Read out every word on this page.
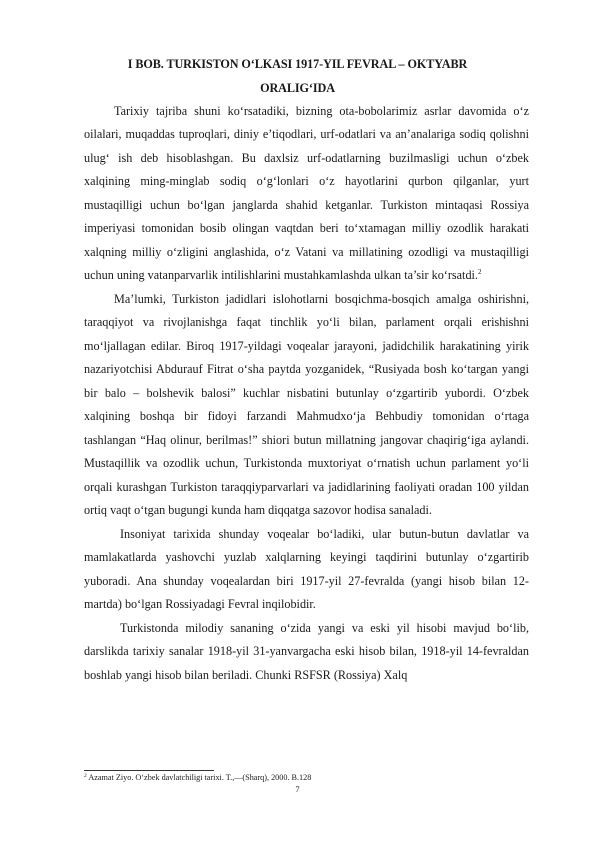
I BOB. TURKISTON O‘LKASI 1917-YIL FEVRAL – OKTYABR
ORALIG‘IDA

Tarixiy tajriba shuni ko‘rsatadiki, bizning ota-bobolarimiz asrlar davomida o‘z oilalari, muqaddas tuproqlari, diniy e’tiqodlari, urf-odatlari va an’analariga sodiq qolishni ulug‘ ish deb hisoblashgan. Bu daxlsiz urf-odatlarning buzilmasligi uchun o‘zbek xalqining ming-minglab sodiq o‘g‘lonlari o‘z hayotlarini qurbon qilganlar, yurt mustaqilligi uchun bo‘lgan janglarda shahid ketganlar. Turkiston mintaqasi Rossiya imperiyasi tomonidan bosib olingan vaqtdan beri to‘xtamagan milliy ozodlik harakati xalqning milliy o‘zligini anglashida, o‘z Vatani va millatining ozodligi va mustaqilligi uchun uning vatanparvarlik intilishlarini mustahkamlashda ulkan ta’sir ko‘rsatdi.$^2$

Ma’lumki, Turkiston jadidlari islohotlarni bosqichma-bosqich amalga oshirishni, taraqqiyot va rivojlanishga faqat tinchlik yo‘li bilan, parlament orqali erishishni mo‘ljallagan edilar. Biroq 1917-yildagi voqealar jarayoni, jadidchilik harakatining yirik nazariyotchisi Abdurauf Fitrat o‘sha paytda yozganidek, “Rusiyada bosh ko‘targan yangi bir balo – bolshevik balosi” kuchlar nisbatini butunlay o‘zgartirib yubordi. O‘zbek xalqining boshqa bir fidoyi farzandi Mahmudxo‘ja Behbudiy tomonidan o‘rtaga tashlangan “Haq olinur, berilmas!” shiori butun millatning jangovar chaqirig‘iga aylandi. Mustaqillik va ozodlik uchun, Turkistonda muxtoriyat o‘rnatish uchun parlament yo‘li orqali kurashgan Turkiston taraqqiyparvarlari va jadidlarining faoliyati oradan 100 yildan ortiq vaqt o‘tgan bugungi kunda ham diqqatga sazovor hodisa sanaladi.

Insoniyat tarixida shunday voqealar bo‘ladiki, ular butun-butun davlatlar va mamlakatlarda yashovchi yuzlab xalqlarning keyingi taqdirini butunlay o‘zgartirib yuboradi. Ana shunday voqealardan biri 1917-yil 27-fevralda (yangi hisob bilan 12-martda) bo‘lgan Rossiyadagi Fevral inqilobidir.

Turkistonda milodiy sananing o‘zida yangi va eski yil hisobi mavjud bo‘lib, darslikda tarixiy sanalar 1918-yil 31-yanvargacha eski hisob bilan, 1918-yil 14-fevraldan boshlab yangi hisob bilan beriladi. Chunki RSFSR (Rossiya) Xalq

$^2$ Azamat Ziyo. O‘zbek davlatchiligi tarixi. T.,—(Sharq), 2000. B.128
7
